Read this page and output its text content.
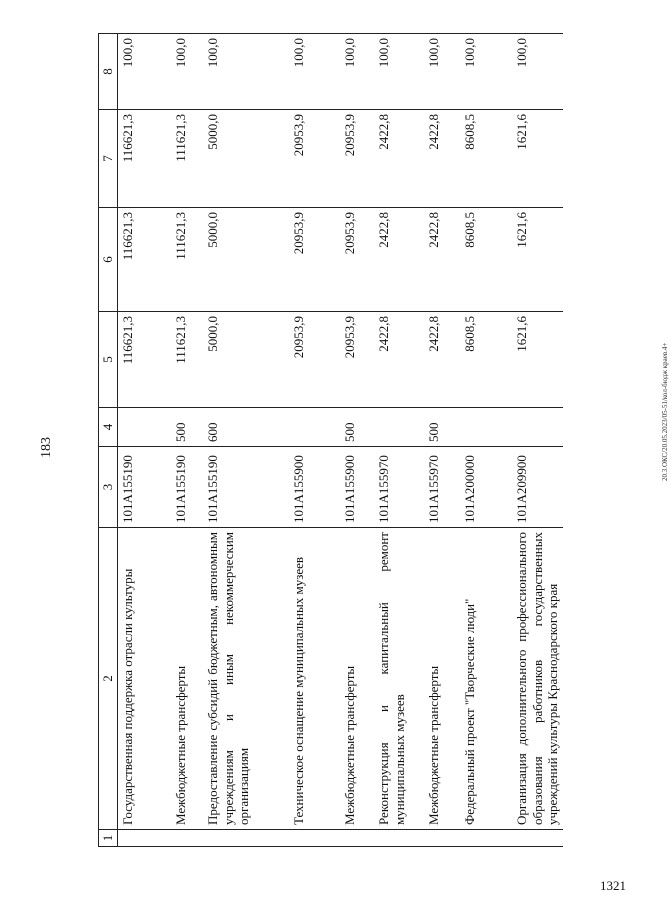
183	20.3.ОКС/20.05.2023/05-51/кол-бюдж краев.4+
1321
1	2	3	4	5	6	7	8
	Государственная поддержка отрасли культуры	101А155190		116621,3	116621,3	116621,3	100,0
	Межбюджетные трансферты	101А155190	500	111621,3	111621,3	111621,3	100,0
	Предоставление субсидий бюджетным, автономным учреждениям и иным некоммерческим организациям	101А155190	600	5000,0	5000,0	5000,0	100,0
	Техническое оснащение муниципальных музеев	101А155900		20953,9	20953,9	20953,9	100,0
	Межбюджетные трансферты	101А155900	500	20953,9	20953,9	20953,9	100,0
	Реконструкция и капитальный ремонт муниципальных музеев	101А155970		2422,8	2422,8	2422,8	100,0
	Межбюджетные трансферты	101А155970	500	2422,8	2422,8	2422,8	100,0
	Федеральный проект "Творческие люди"	101А200000		8608,5	8608,5	8608,5	100,0
	Организация дополнительного профессионального образования работников государственных учреждений культуры Краснодарского края	101А209900		1621,6	1621,6	1621,6	100,0
